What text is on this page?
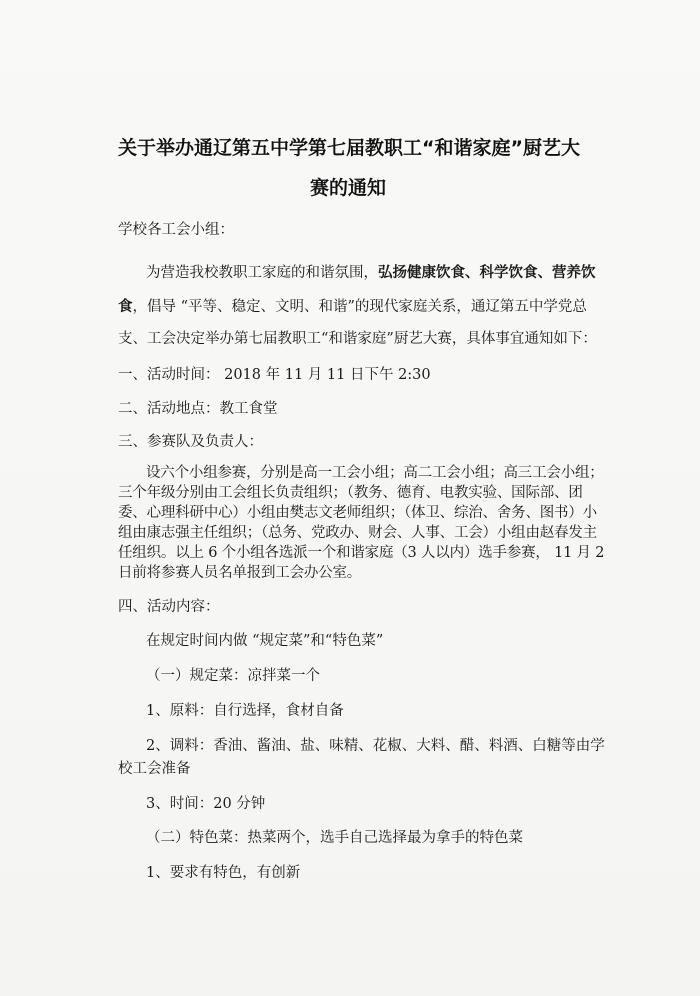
关于举办通辽第五中学第七届教职工“和谐家庭”厨艺大
赛的通知
学校各工会小组：
为营造我校教职工家庭的和谐氛围，弘扬健康饮食、科学饮食、营养饮
食，倡导 “平等、稳定、文明、和谐”的现代家庭关系，通辽第五中学党总
支、工会决定举办第七届教职工“和谐家庭”厨艺大赛，具体事宜通知如下：
一、活动时间： 2018 年 11 月 11 日下午 2:30
二、活动地点：教工食堂
三、参赛队及负责人：
设六个小组参赛，分别是高一工会小组；高二工会小组；高三工会小组；
三个年级分别由工会组长负责组织；（教务、德育、电教实验、国际部、团
委、心理科研中心）小组由樊志文老师组织；（体卫、综治、舍务、图书）小
组由康志强主任组织；（总务、党政办、财会、人事、工会）小组由赵春发主
任组织。以上 6 个小组各选派一个和谐家庭（3 人以内）选手参赛， 11 月 2
日前将参赛人员名单报到工会办公室。
四、活动内容：
在规定时间内做 “规定菜”和“特色菜”
（一）规定菜：凉拌菜一个
1、原料：自行选择，食材自备
2、调料：香油、酱油、盐、味精、花椒、大料、醋、料酒、白糖等由学
校工会准备
3、时间：20 分钟
（二）特色菜：热菜两个，选手自己选择最为拿手的特色菜
1、要求有特色，有创新
